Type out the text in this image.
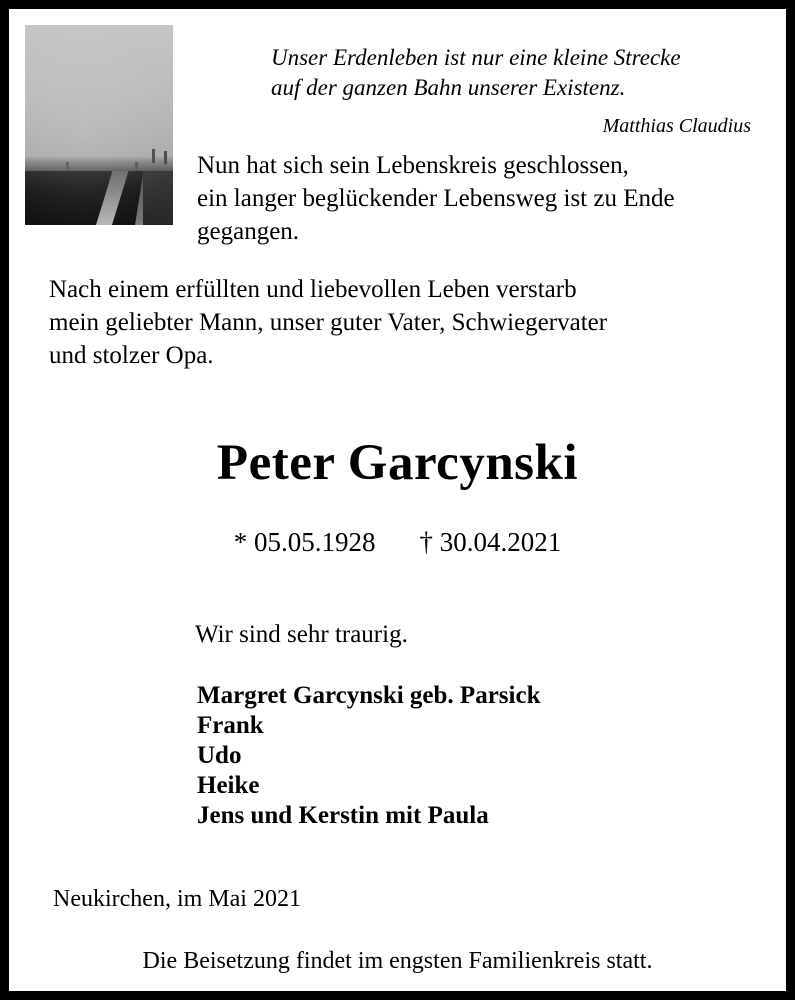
Unser Erdenleben ist nur eine kleine Strecke
auf der ganzen Bahn unserer Existenz.
Matthias Claudius
Nun hat sich sein Lebenskreis geschlossen,
ein langer beglückender Lebensweg ist zu Ende
gegangen.
Nach einem erfüllten und liebevollen Leben verstarb
mein geliebter Mann, unser guter Vater, Schwiegervater
und stolzer Opa.
Peter Garcynski
* 05.05.1928 † 30.04.2021
Wir sind sehr traurig.
Margret Garcynski geb. Parsick
Frank
Udo
Heike
Jens und Kerstin mit Paula
Neukirchen, im Mai 2021
Die Beisetzung findet im engsten Familienkreis statt.
